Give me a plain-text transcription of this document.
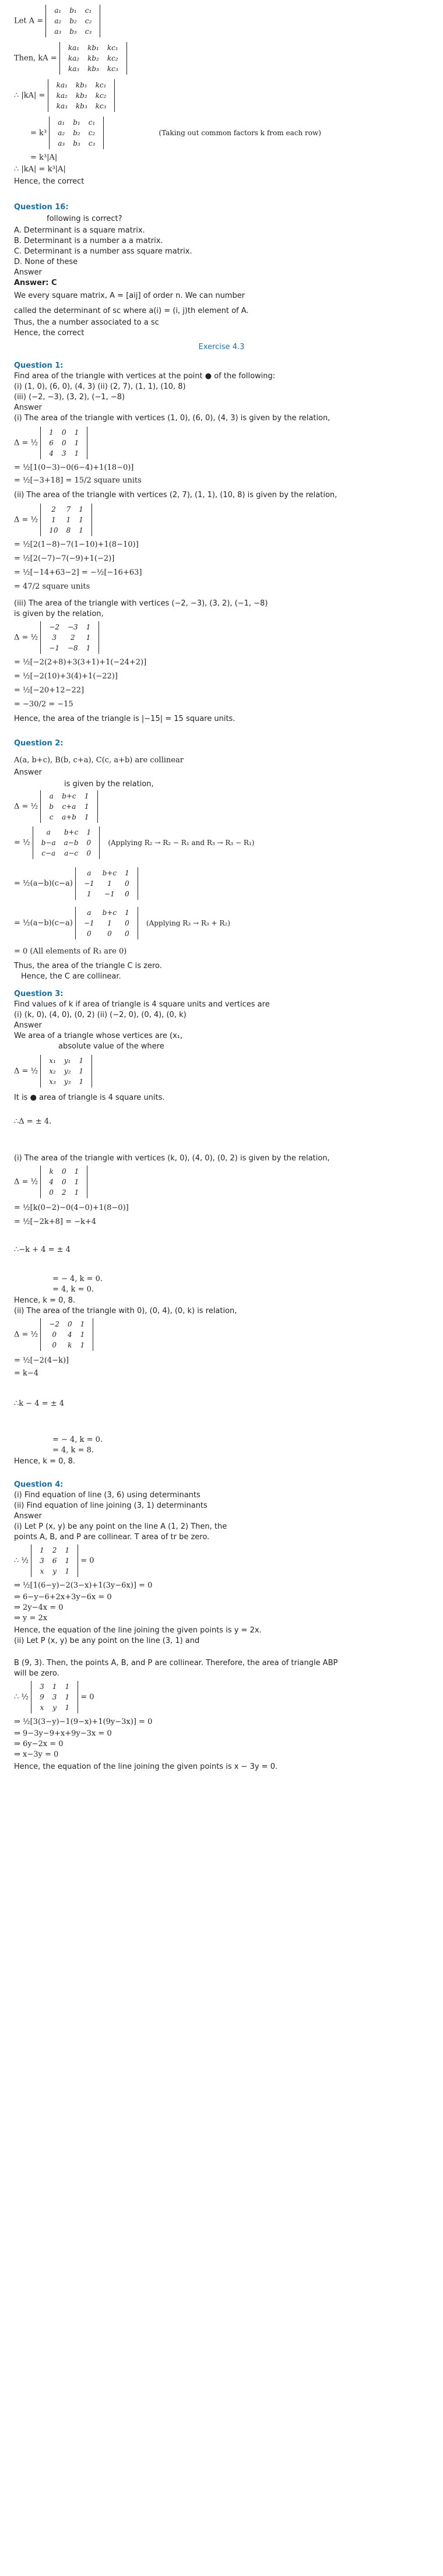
Let A =
a₁	b₁	c₁
a₂	b₂	c₂
a₃	b₃	c₃
Then, kA =
ka₁	kb₁	kc₁
ka₂	kb₂	kc₂
ka₃	kb₃	kc₃
∴ |kA| =
ka₁	kb₁	kc₁
ka₂	kb₂	kc₂
ka₃	kb₃	kc₃
= k³
a₁	b₁	c₁
a₂	b₂	c₂
a₃	b₃	c₃
(Taking out common factors k from each row)
= k³|A|
∴ |kA| = k³|A|
Hence, the correct
Question 16:
following is correct?
A. Determinant is a square matrix.
B. Determinant is a number a a matrix.
C. Determinant is a number ass square matrix.
D. None of these
Answer
Answer: C
We every square matrix, A = [aij] of order n. We can number
called the determinant of sc where a(i) = (i, j)th element of A.
Thus, the a number associated to a sc
Hence, the correct
Exercise 4.3
Question 1:
Find area of the triangle with vertices at the point ● of the following:
(i) (1, 0), (6, 0), (4, 3) (ii) (2, 7), (1, 1), (10, 8)
(iii) (−2, −3), (3, 2), (−1, −8)
Answer
(i) The area of the triangle with vertices (1, 0), (6, 0), (4, 3) is given by the relation,
Δ = ½
1	0	1
6	0	1
4	3	1
= ½[1(0−3)−0(6−4)+1(18−0)]
= ½[−3+18] = 15/2 square units
(ii) The area of the triangle with vertices (2, 7), (1, 1), (10, 8) is given by the relation,
Δ = ½
2	7	1
1	1	1
10	8	1
= ½[2(1−8)−7(1−10)+1(8−10)]
= ½[2(−7)−7(−9)+1(−2)]
= ½[−14+63−2] = −½[−16+63]
= 47/2 square units
(iii) The area of the triangle with vertices (−2, −3), (3, 2), (−1, −8)
is given by the relation,
Δ = ½
−2	−3	1
3	2	1
−1	−8	1
= ½[−2(2+8)+3(3+1)+1(−24+2)]
= ½[−2(10)+3(4)+1(−22)]
= ½[−20+12−22]
= −30/2 = −15
Hence, the area of the triangle is |−15| = 15 square units.
Question 2:
A(a, b+c), B(b, c+a), C(c, a+b) are collinear
Answer
is given by the relation,
Δ = ½
a	b+c	1
b	c+a	1
c	a+b	1
= ½
a	b+c	1
b−a	a−b	0
c−a	a−c	0
(Applying R₂ → R₂ − R₁ and R₃ → R₃ − R₁)
= ½(a−b)(c−a)
a	b+c	1
−1	1	0
1	−1	0
= ½(a−b)(c−a)
a	b+c	1
−1	1	0
0	0	0
(Applying R₃ → R₃ + R₂)
= 0 (All elements of R₃ are 0)
Thus, the area of the triangle C is zero.
Hence, the C are collinear.
Question 3:
Find values of k if area of triangle is 4 square units and vertices are
(i) (k, 0), (4, 0), (0, 2) (ii) (−2, 0), (0, 4), (0, k)
Answer
We area of a triangle whose vertices are (x₁,
absolute value of the where
Δ = ½
x₁	y₁	1
x₂	y₂	1
x₃	y₃	1
It is ● area of triangle is 4 square units.
∴Δ = ± 4.
(i) The area of the triangle with vertices (k, 0), (4, 0), (0, 2) is given by the relation,
Δ = ½
k	0	1
4	0	1
0	2	1
= ½[k(0−2)−0(4−0)+1(8−0)]
= ½[−2k+8] = −k+4
∴−k + 4 = ± 4
= − 4, k = 0.
= 4, k = 0.
Hence, k = 0, 8.
(ii) The area of the triangle with 0), (0, 4), (0, k) is relation,
Δ = ½
−2	0	1
0	4	1
0	k	1
= ½[−2(4−k)]
= k−4
∴k − 4 = ± 4
= − 4, k = 0.
= 4, k = 8.
Hence, k = 0, 8.
Question 4:
(i) Find equation of line (3, 6) using determinants
(ii) Find equation of line joining (3, 1) determinants
Answer
(i) Let P (x, y) be any point on the line A (1, 2) Then, the
points A, B, and P are collinear. T area of tr be zero.
∴ ½
1	2	1
3	6	1
x	y	1
= 0
⇒ ½[1(6−y)−2(3−x)+1(3y−6x)] = 0
⇒ 6−y−6+2x+3y−6x = 0
⇒ 2y−4x = 0
⇒ y = 2x
Hence, the equation of the line joining the given points is y = 2x.
(ii) Let P (x, y) be any point on the line (3, 1) and
B (9, 3). Then, the points A, B, and P are collinear. Therefore, the area of triangle ABP
will be zero.
∴ ½
3	1	1
9	3	1
x	y	1
= 0
⇒ ½[3(3−y)−1(9−x)+1(9y−3x)] = 0
⇒ 9−3y−9+x+9y−3x = 0
⇒ 6y−2x = 0
⇒ x−3y = 0
Hence, the equation of the line joining the given points is x − 3y = 0.
